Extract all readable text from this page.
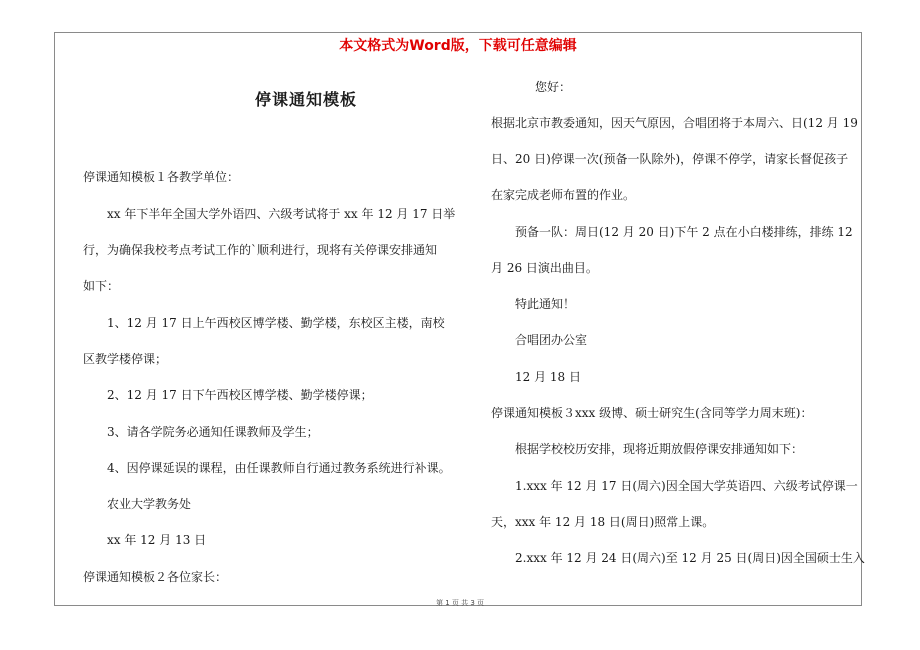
本文格式为Word版，下载可任意编辑
停课通知模板
停课通知模板１各教学单位：
xx 年下半年全国大学外语四、六级考试将于 xx 年 12 月 17 日举
行，为确保我校考点考试工作的`顺利进行，现将有关停课安排通知
如下：
1、12 月 17 日上午西校区博学楼、勤学楼，东校区主楼，南校
区教学楼停课；
2、12 月 17 日下午西校区博学楼、勤学楼停课；
3、请各学院务必通知任课教师及学生；
4、因停课延误的课程，由任课教师自行通过教务系统进行补课。
农业大学教务处
xx 年 12 月 13 日
停课通知模板２各位家长：
您好：
根据北京市教委通知，因天气原因，合唱团将于本周六、日(12 月 19
日、20 日)停课一次(预备一队除外)，停课不停学，请家长督促孩子
在家完成老师布置的作业。
预备一队：周日(12 月 20 日)下午 2 点在小白楼排练，排练 12
月 26 日演出曲目。
特此通知！
合唱团办公室
12 月 18 日
停课通知模板３xxx 级博、硕士研究生(含同等学力周末班)：
根据学校校历安排，现将近期放假停课安排通知如下：
1.xxx 年 12 月 17 日(周六)因全国大学英语四、六级考试停课一
天，xxx 年 12 月 18 日(周日)照常上课。
2.xxx 年 12 月 24 日(周六)至 12 月 25 日(周日)因全国硕士生入
第 1 页 共 3 页
